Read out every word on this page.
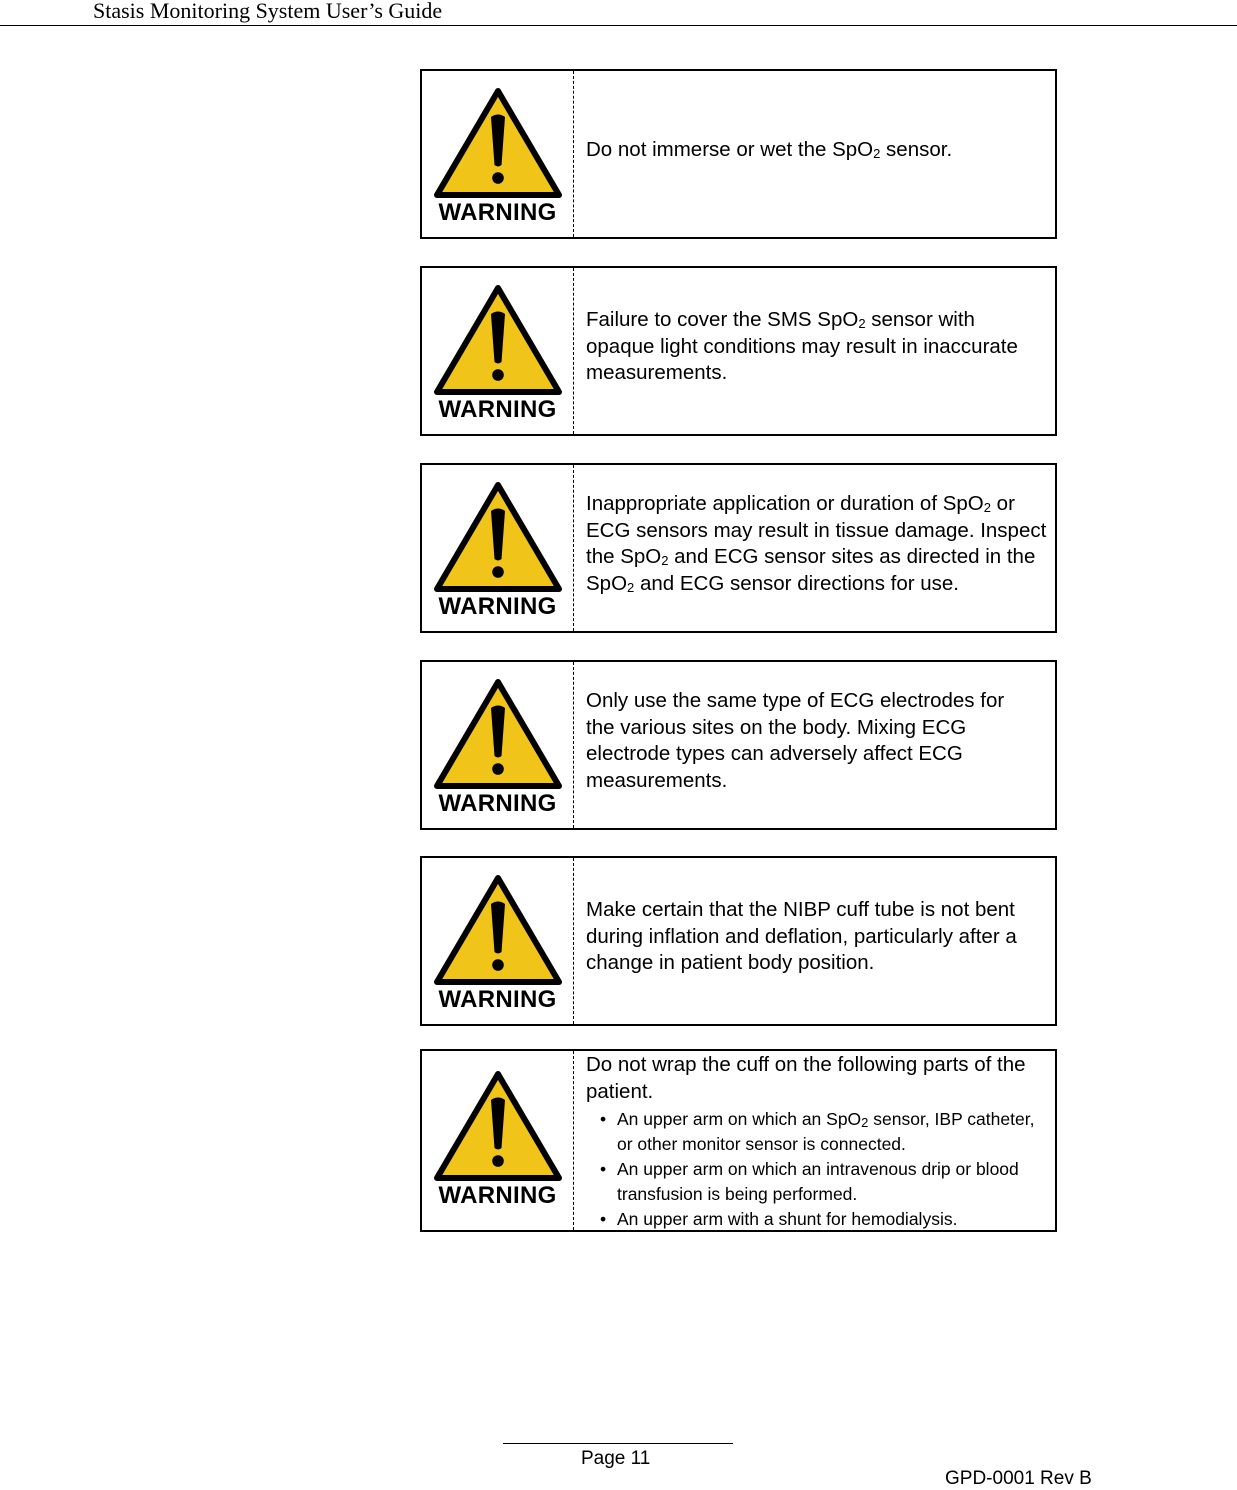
Stasis Monitoring System User’s Guide
WARNING
Do not immerse or wet the SpO$_2$ sensor.
WARNING
Failure to cover the SMS SpO$_2$ sensor with opaque light conditions may result in inaccurate measurements.
WARNING
Inappropriate application or duration of SpO$_2$ or ECG sensors may result in tissue damage. Inspect the SpO$_2$ and ECG sensor sites as directed in the SpO$_2$ and ECG sensor directions for use.
WARNING
Only use the same type of ECG electrodes for the various sites on the body. Mixing ECG electrode types can adversely affect ECG measurements.
WARNING
Make certain that the NIBP cuff tube is not bent during inflation and deflation, particularly after a change in patient body position.
WARNING
Do not wrap the cuff on the following parts of the patient.
• An upper arm on which an SpO$_2$ sensor, IBP catheter, or other monitor sensor is connected.
• An upper arm on which an intravenous drip or blood transfusion is being performed.
• An upper arm with a shunt for hemodialysis.
Page 11
GPD-0001 Rev B
